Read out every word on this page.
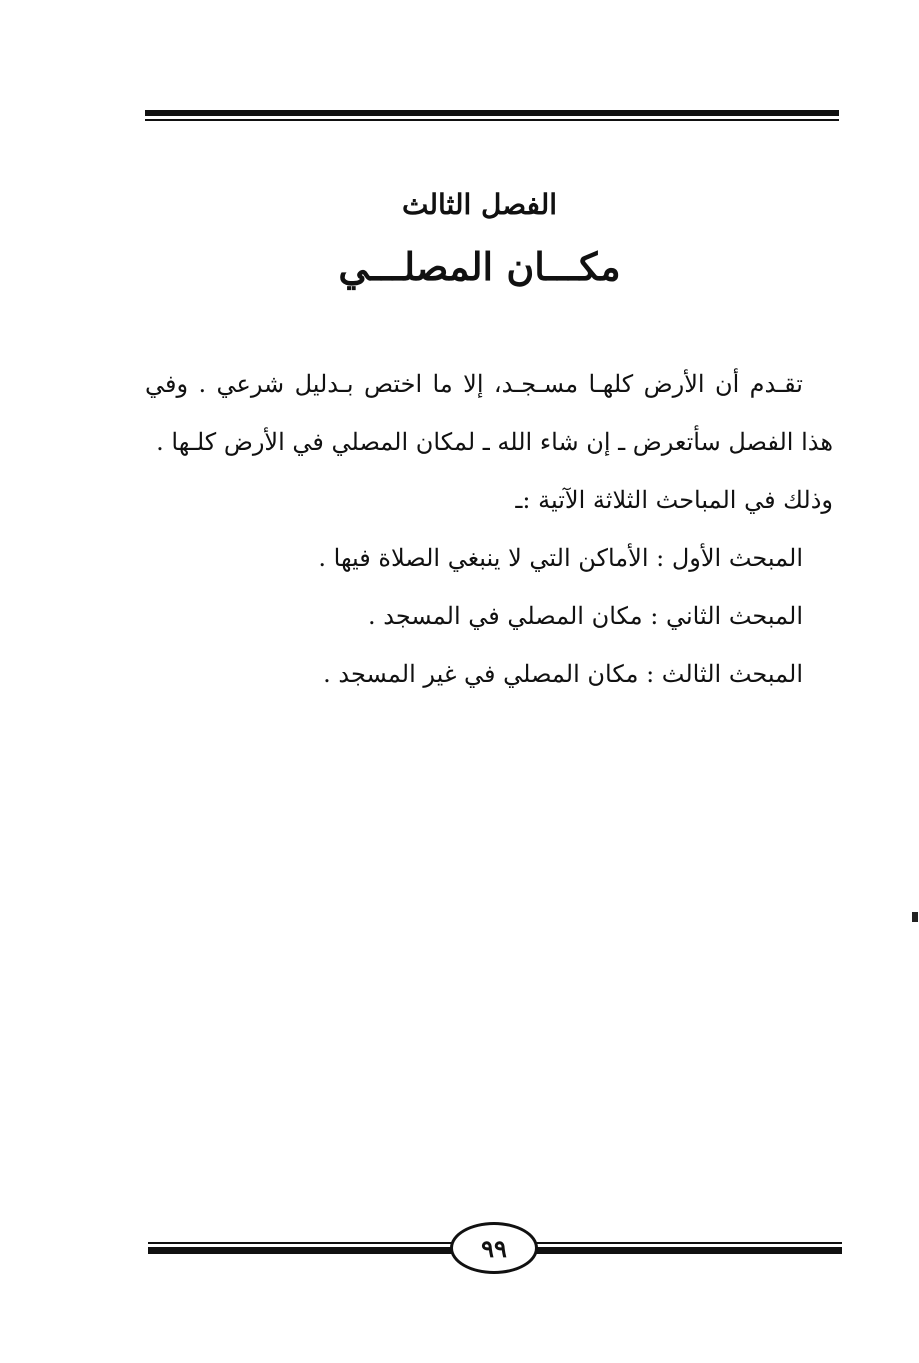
الفصل الثالث
مكـــان المصلـــي

تقـدم أن الأرض كلهـا مسـجـد، إلا ما اختص بـدليل شرعي . وفي هذا الفصل سأتعرض ـ إن شاء الله ـ لمكان المصلي في الأرض كلـها .

وذلك في المباحث الثلاثة الآتية :ـ

المبحث الأول : الأماكن التي لا ينبغي الصلاة فيها .

المبحث الثاني : مكان المصلي في المسجد .

المبحث الثالث : مكان المصلي في غير المسجد .

٩٩
